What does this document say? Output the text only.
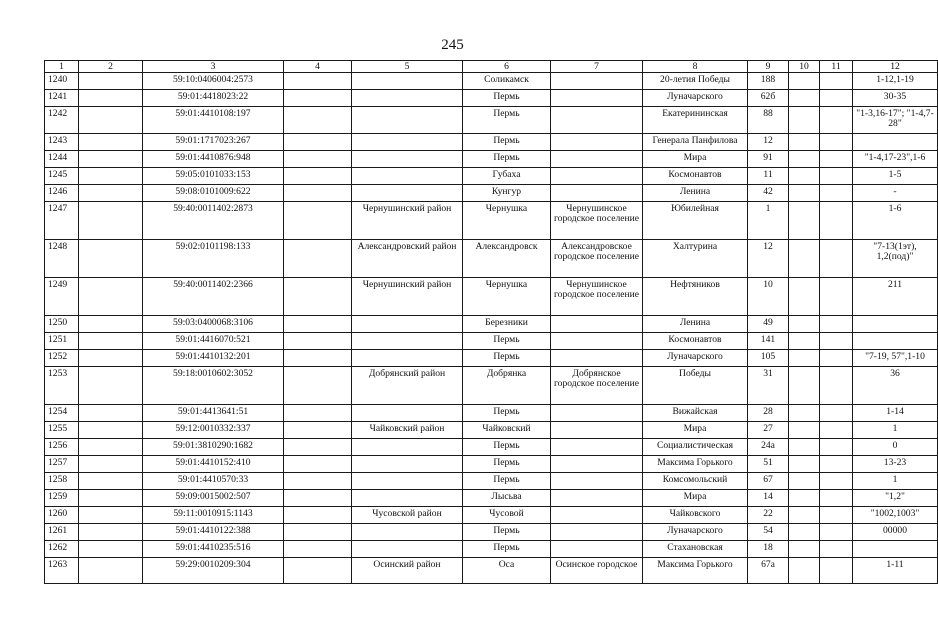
245
1	2	3	4	5	6	7	8	9	10	11	12
1240		59:10:0406004:2573			Соликамск		20-летия Победы	188			1-12,1-19
1241		59:01:4418023:22			Пермь		Луначарского	62б			30-35
1242		59:01:4410108:197			Пермь		Екатерининская	88			"1-3,16-17"; "1-4,7-28"
1243		59:01:1717023:267			Пермь		Генерала Панфилова	12			
1244		59:01:4410876:948			Пермь		Мира	91			"1-4,17-23",1-6
1245		59:05:0101033:153			Губаха		Космонавтов	11			1-5
1246		59:08:0101009:622			Кунгур		Ленина	42			-
1247		59:40:0011402:2873		Чернушинский район	Чернушка	Чернушинское городское поселение	Юбилейная	1			1-6
1248		59:02:0101198:133		Александровский район	Александровск	Александровское городское поселение	Халтурина	12			"7-13(1эт), 1,2(под)"
1249		59:40:0011402:2366		Чернушинский район	Чернушка	Чернушинское городское поселение	Нефтяников	10			211
1250		59:03:0400068:3106			Березники		Ленина	49			
1251		59:01:4416070:521			Пермь		Космонавтов	141			
1252		59:01:4410132:201			Пермь		Луначарского	105			"7-19, 57",1-10
1253		59:18:0010602:3052		Добрянский район	Добрянка	Добрянское городское поселение	Победы	31			36
1254		59:01:4413641:51			Пермь		Вижайская	28			1-14
1255		59:12:0010332:337		Чайковский район	Чайковский		Мира	27			1
1256		59:01:3810290:1682			Пермь		Социалистическая	24а			0
1257		59:01:4410152:410			Пермь		Максима Горького	51			13-23
1258		59:01:4410570:33			Пермь		Комсомольский	67			1
1259		59:09:0015002:507			Лысьва		Мира	14			"1,2"
1260		59:11:0010915:1143		Чусовской район	Чусовой		Чайковского	22			"1002,1003"
1261		59:01:4410122:388			Пермь		Луначарского	54			00000
1262		59:01:4410235:516			Пермь		Стахановская	18			
1263		59:29:0010209:304		Осинский район	Оса	Осинское городское	Максима Горького	67а			1-11
